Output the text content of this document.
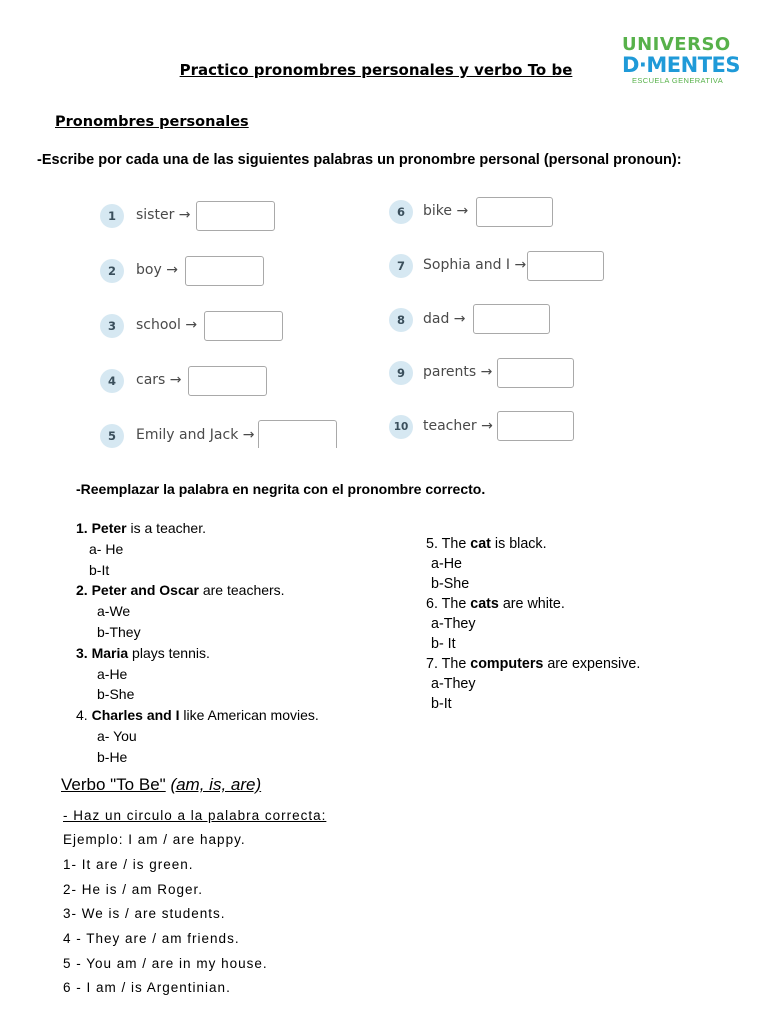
Practico pronombres personales y verbo To be
UNIVERSO
D·MENTES
ESCUELA GENERATIVA
Pronombres personales
-Escribe por cada una de las siguientes palabras un pronombre personal (personal pronoun):
1	sister →
2	boy →
3	school →
4	cars →
5	Emily and Jack →
6	bike →
7	Sophia and I →
8	dad →
9	parents →
10	teacher →
-Reemplazar la palabra en negrita con el pronombre correcto.
1. Peter is a teacher.
a- He
b-It
2. Peter and Oscar are teachers.
a-We
b-They
3. Maria plays tennis.
a-He
b-She
4. Charles and I like American movies.
a- You
b-He
5. The cat is black.
a-He
b-She
6. The cats are white.
a-They
b- It
7. The computers are expensive.
a-They
b-It
Verbo "To Be" (am, is, are)
- Haz un circulo a la palabra correcta:
Ejemplo: I am / are happy.
1- It are / is green.
2- He is / am Roger.
3- We is / are students.
4 - They are / am friends.
5 - You am / are in my house.
6 - I am / is Argentinian.
